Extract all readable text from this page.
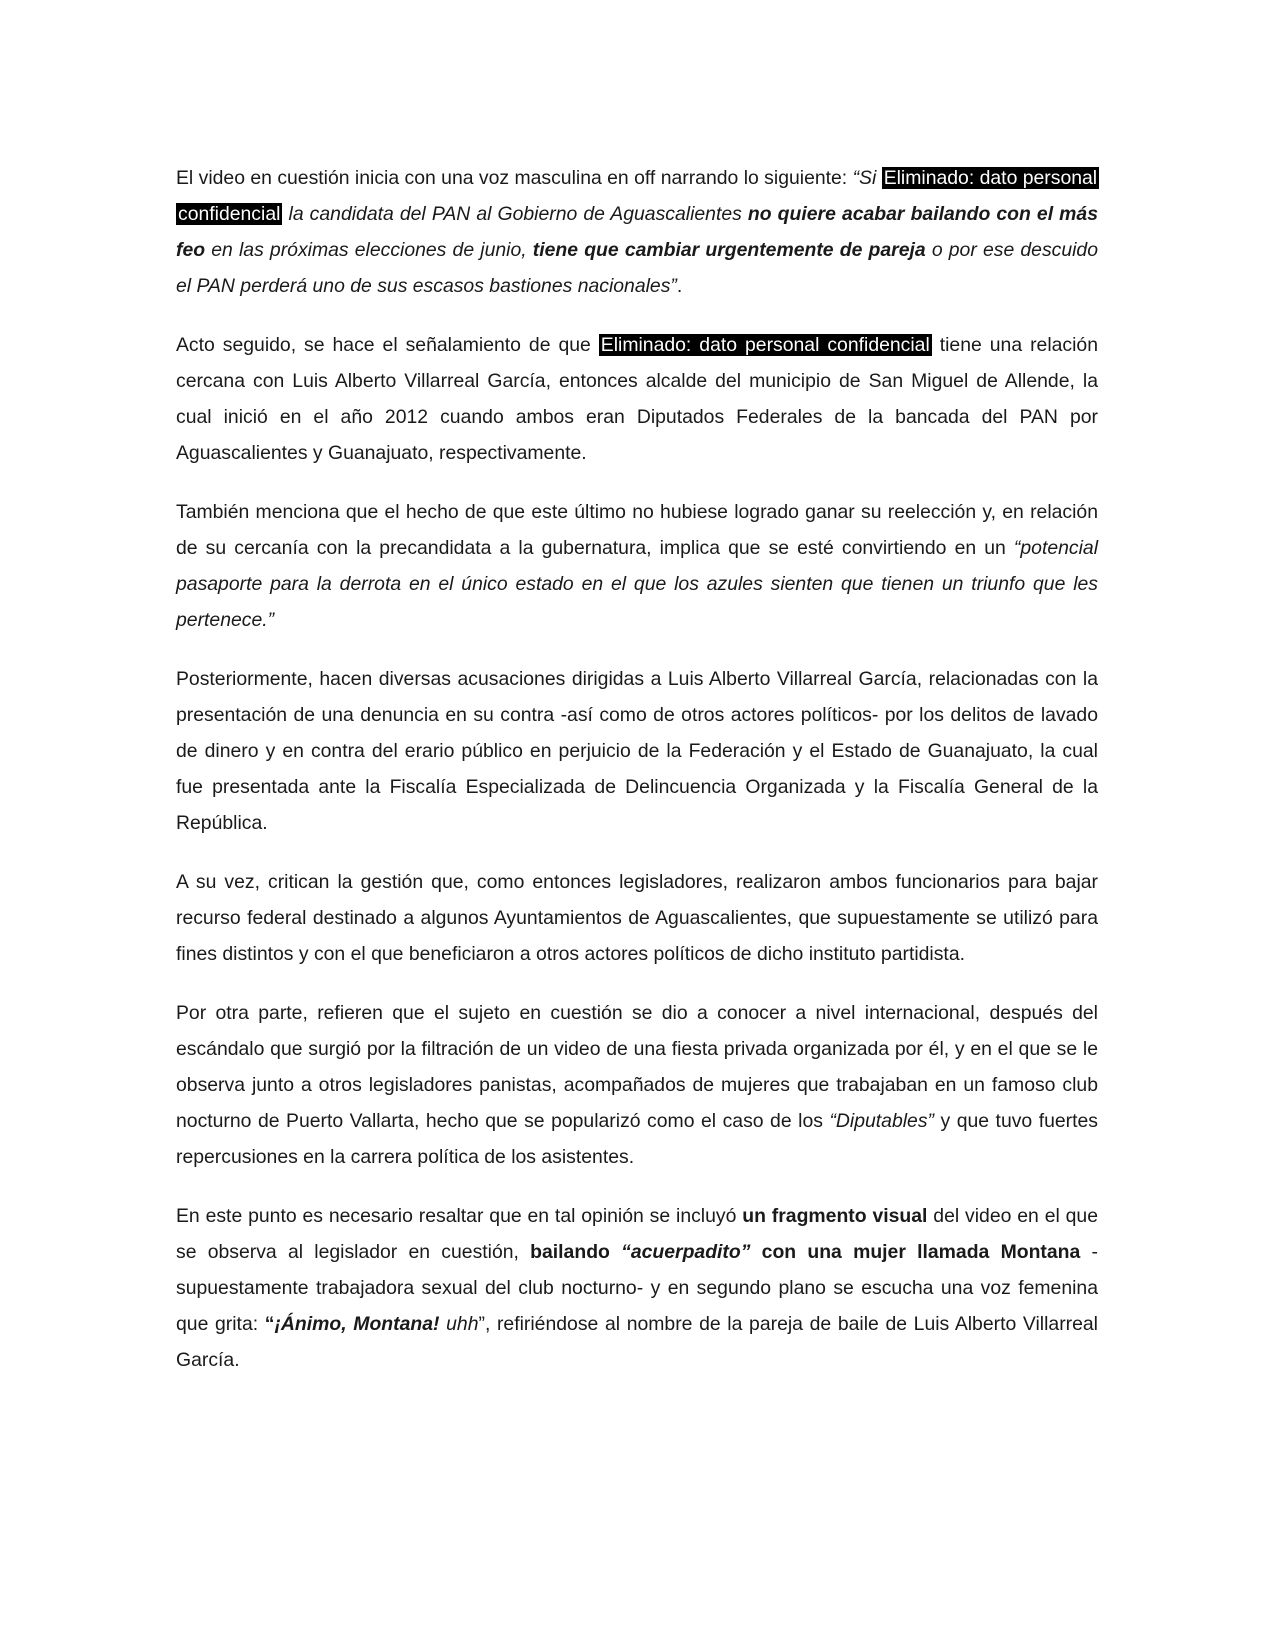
El video en cuestión inicia con una voz masculina en off narrando lo siguiente: “Si Eliminado: dato personal confidencial la candidata del PAN al Gobierno de Aguascalientes no quiere acabar bailando con el más feo en las próximas elecciones de junio, tiene que cambiar urgentemente de pareja o por ese descuido el PAN perderá uno de sus escasos bastiones nacionales”.

Acto seguido, se hace el señalamiento de que Eliminado: dato personal confidencial tiene una relación cercana con Luis Alberto Villarreal García, entonces alcalde del municipio de San Miguel de Allende, la cual inició en el año 2012 cuando ambos eran Diputados Federales de la bancada del PAN por Aguascalientes y Guanajuato, respectivamente.

También menciona que el hecho de que este último no hubiese logrado ganar su reelección y, en relación de su cercanía con la precandidata a la gubernatura, implica que se esté convirtiendo en un “potencial pasaporte para la derrota en el único estado en el que los azules sienten que tienen un triunfo que les pertenece.”

Posteriormente, hacen diversas acusaciones dirigidas a Luis Alberto Villarreal García, relacionadas con la presentación de una denuncia en su contra -así como de otros actores políticos- por los delitos de lavado de dinero y en contra del erario público en perjuicio de la Federación y el Estado de Guanajuato, la cual fue presentada ante la Fiscalía Especializada de Delincuencia Organizada y la Fiscalía General de la República.

A su vez, critican la gestión que, como entonces legisladores, realizaron ambos funcionarios para bajar recurso federal destinado a algunos Ayuntamientos de Aguascalientes, que supuestamente se utilizó para fines distintos y con el que beneficiaron a otros actores políticos de dicho instituto partidista.

Por otra parte, refieren que el sujeto en cuestión se dio a conocer a nivel internacional, después del escándalo que surgió por la filtración de un video de una fiesta privada organizada por él, y en el que se le observa junto a otros legisladores panistas, acompañados de mujeres que trabajaban en un famoso club nocturno de Puerto Vallarta, hecho que se popularizó como el caso de los “Diputables” y que tuvo fuertes repercusiones en la carrera política de los asistentes.

En este punto es necesario resaltar que en tal opinión se incluyó un fragmento visual del video en el que se observa al legislador en cuestión, bailando “acuerpadito” con una mujer llamada Montana -supuestamente trabajadora sexual del club nocturno- y en segundo plano se escucha una voz femenina que grita: “¡Ánimo, Montana! uhh”, refiriéndose al nombre de la pareja de baile de Luis Alberto Villarreal García.
